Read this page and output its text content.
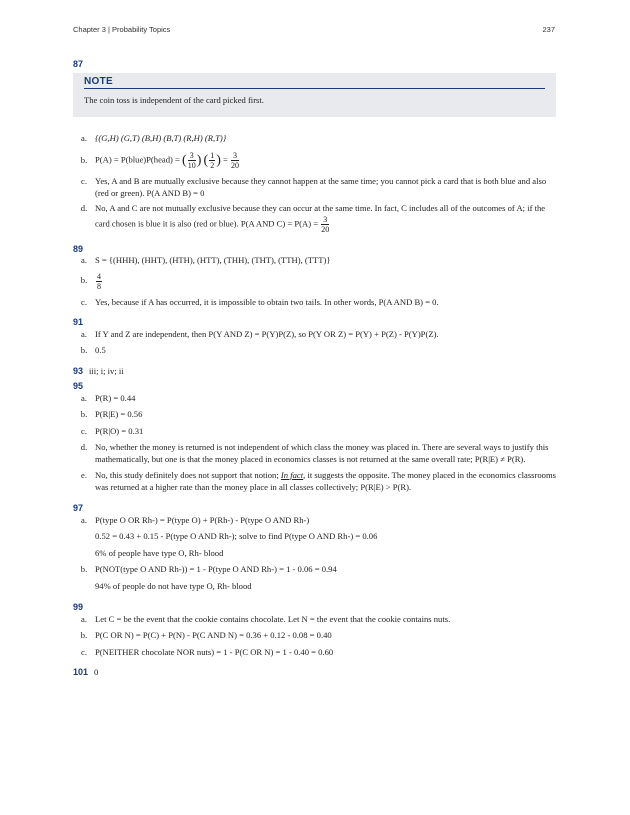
Chapter 3 | Probability Topics	237
87
NOTE
The coin toss is independent of the card picked first.
a. {(G,H) (G,T) (B,H) (B,T) (R,H) (R,T)}
b. P(A) = P(blue)P(head) = ( $\frac{3}{10}$ ) ( $\frac{1}{2}$ ) = $\frac{3}{20}$
c. Yes, A and B are mutually exclusive because they cannot happen at the same time; you cannot pick a card that is both blue and also (red or green). P(A AND B) = 0
d. No, A and C are not mutually exclusive because they can occur at the same time. In fact, C includes all of the outcomes of A; if the card chosen is blue it is also (red or blue). P(A AND $C) = P(A) = \frac{3}{20}$
89
a. S = {(HHH), (HHT), (HTH), (HTT), (THH), (THT), (TTH), (TTT)}
b.	$\frac{4}{8}$
c. Yes, because if A has occurred, it is impossible to obtain two tails. In other words, P(A AND B) = 0.
91
a. If Y and Z are independent, then P(Y AND Z) = P(Y)P(Z), so P(Y OR Z) = P(Y) + P(Z) - P(Y)P(Z).
b. 0.5
93 iii; i; iv; ii
95
a. P(R) = 0.44
b. P(R|E) = 0.56
c. P(R|O) = 0.31
d. No, whether the money is returned is not independent of which class the money was placed in. There are several ways to justify this mathematically, but one is that the money placed in economics classes is not returned at the same overall rate; P(R|E) ≠ P(R).
e. No, this study definitely does not support that notion; In fact, it suggests the opposite. The money placed in the economics classrooms was returned at a higher rate than the money place in all classes collectively; P(R|E) > P(R).
97
a. P(type O OR Rh-) = P(type O) + P(Rh-) - P(type O AND Rh-)
0.52 = 0.43 + 0.15 - P(type O AND Rh-); solve to find P(type O AND Rh-) = 0.06
6% of people have type O, Rh- blood
b. P(NOT(type O AND Rh-)) = 1 - P(type O AND Rh-) = 1 - 0.06 = 0.94
94% of people do not have type O, Rh- blood
99
a. Let C = be the event that the cookie contains chocolate. Let N = the event that the cookie contains nuts.
b. P(C OR N) = P(C) + P(N) - P(C AND N) = 0.36 + 0.12 - 0.08 = 0.40
c. P(NEITHER chocolate NOR nuts) = 1 - P(C OR N) = 1 - 0.40 = 0.60
101 0
